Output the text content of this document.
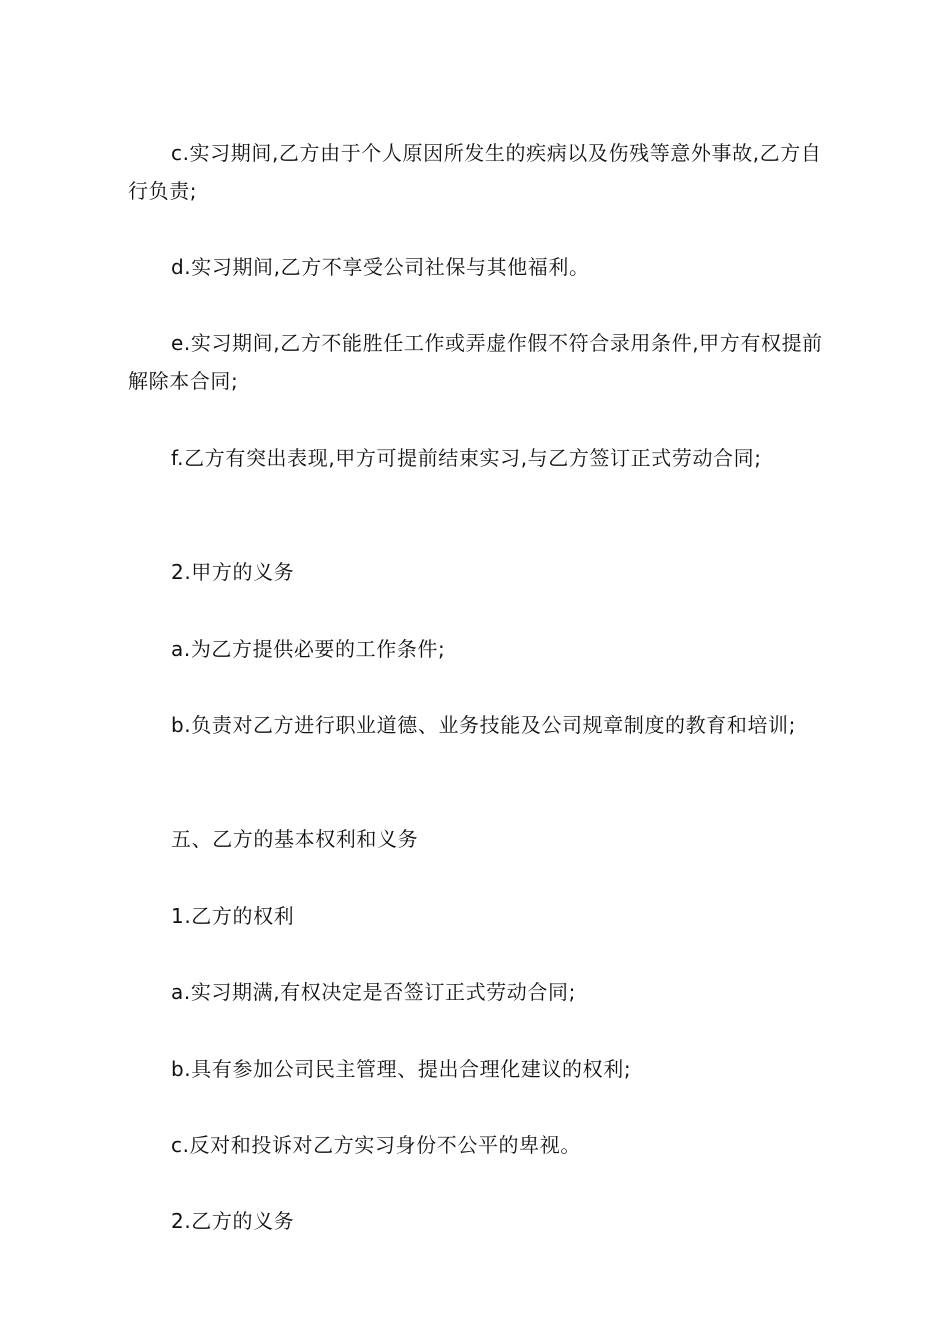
c.实习期间,乙方由于个人原因所发生的疾病以及伤残等意外事故,乙方自行负责;

d.实习期间,乙方不享受公司社保与其他福利。

e.实习期间,乙方不能胜任工作或弄虚作假不符合录用条件,甲方有权提前解除本合同;

f.乙方有突出表现,甲方可提前结束实习,与乙方签订正式劳动合同;

2.甲方的义务

a.为乙方提供必要的工作条件;

b.负责对乙方进行职业道德、业务技能及公司规章制度的教育和培训;

五、乙方的基本权利和义务

1.乙方的权利

a.实习期满,有权决定是否签订正式劳动合同;

b.具有参加公司民主管理、提出合理化建议的权利;

c.反对和投诉对乙方实习身份不公平的卑视。

2.乙方的义务
